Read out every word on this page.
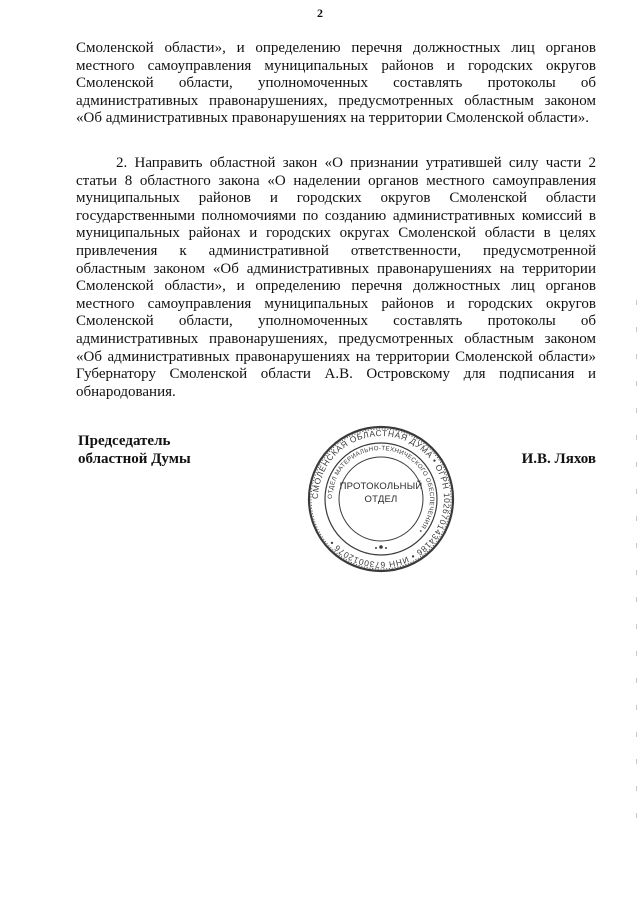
2
Смоленской области», и определению перечня должностных лиц органов местного самоуправления муниципальных районов и городских округов Смоленской области, уполномоченных составлять протоколы об административных правонарушениях, предусмотренных областным законом «Об административных правонарушениях на территории Смоленской области».
2. Направить областной закон «О признании утратившей силу части 2 статьи 8 областного закона «О наделении органов местного самоуправления муниципальных районов и городских округов Смоленской области государственными полномочиями по созданию административных комиссий в муниципальных районах и городских округах Смоленской области в целях привлечения к административной ответственности, предусмотренной областным законом «Об административных правонарушениях на территории Смоленской области», и определению перечня должностных лиц органов местного самоуправления муниципальных районов и городских округов Смоленской области, уполномоченных составлять протоколы об административных правонарушениях, предусмотренных областным законом «Об административных правонарушениях на территории Смоленской области» Губернатору Смоленской области А.В. Островскому для подписания и обнародования.
Председатель
областной Думы
СМОЛЕНСКАЯ ОБЛАСТНАЯ ДУМА • ОГРН 1026701434186 • ИНН 6730012076 •
ОТДЕЛ МАТЕРИАЛЬНО-ТЕХНИЧЕСКОГО ОБЕСПЕЧЕНИЯ •
ПРОТОКОЛЬНЫЙ
ОТДЕЛ
И.В. Ляхов
